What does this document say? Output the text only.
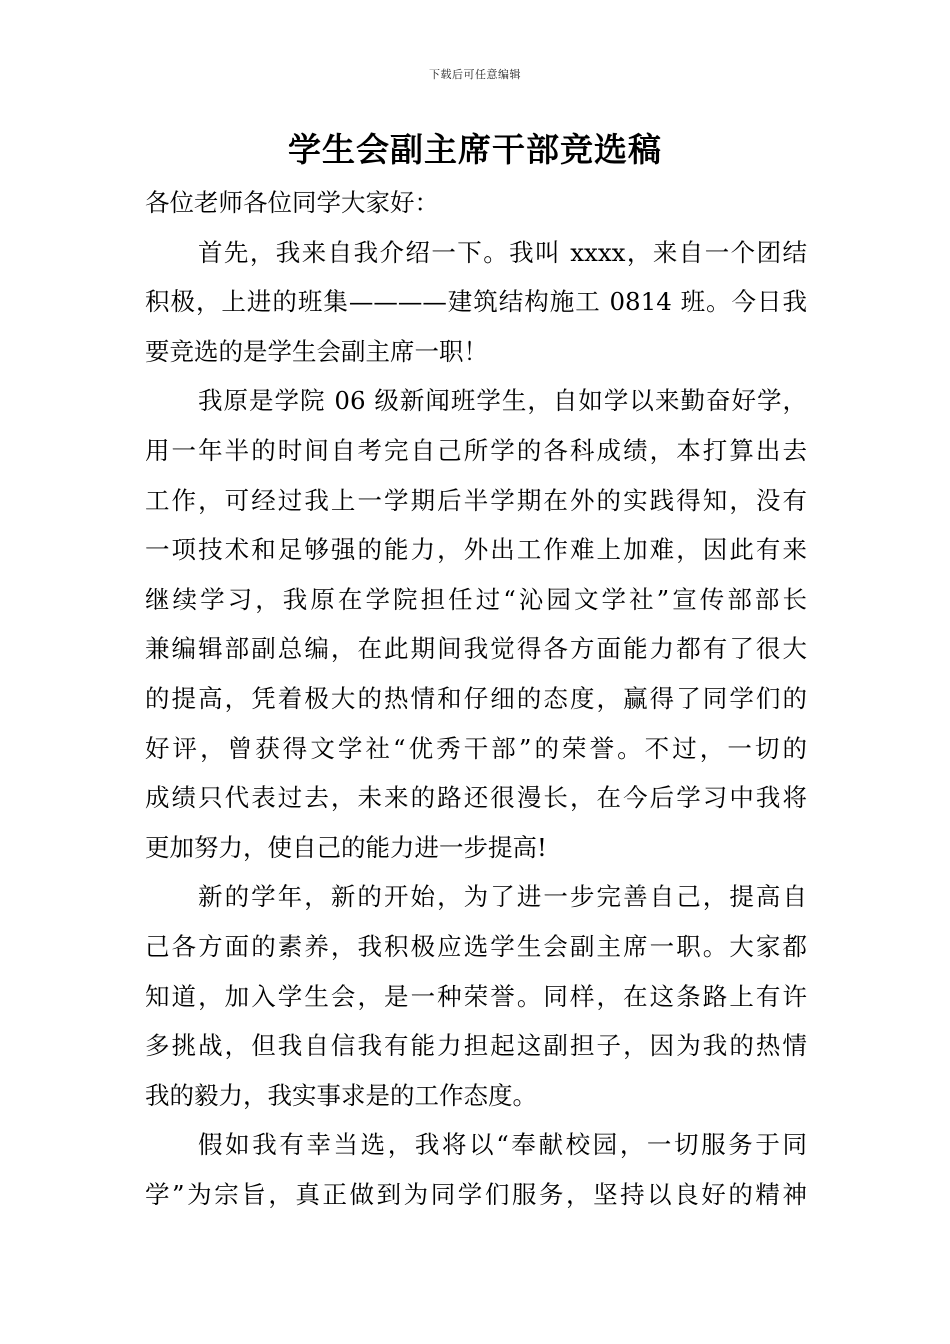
下载后可任意编辑
学生会副主席干部竞选稿
各位老师各位同学大家好：
首先，我来自我介绍一下。我叫 xxxx，来自一个团结
积极，上进的班集————建筑结构施工 0814 班。今日我
要竞选的是学生会副主席一职！
我原是学院 06 级新闻班学生，自如学以来勤奋好学，
用一年半的时间自考完自己所学的各科成绩，本打算出去
工作，可经过我上一学期后半学期在外的实践得知，没有
一项技术和足够强的能力，外出工作难上加难，因此有来
继续学习，我原在学院担任过“沁园文学社”宣传部部长
兼编辑部副总编，在此期间我觉得各方面能力都有了很大
的提高，凭着极大的热情和仔细的态度，赢得了同学们的
好评，曾获得文学社“优秀干部”的荣誉。不过，一切的
成绩只代表过去，未来的路还很漫长，在今后学习中我将
更加努力，使自己的能力进一步提高!
新的学年，新的开始，为了进一步完善自己，提高自
己各方面的素养，我积极应选学生会副主席一职。大家都
知道，加入学生会，是一种荣誉。同样，在这条路上有许
多挑战，但我自信我有能力担起这副担子，因为我的热情
我的毅力，我实事求是的工作态度。
假如我有幸当选，我将以“奉献校园，一切服务于同
学”为宗旨，真正做到为同学们服务，坚持以良好的精神
